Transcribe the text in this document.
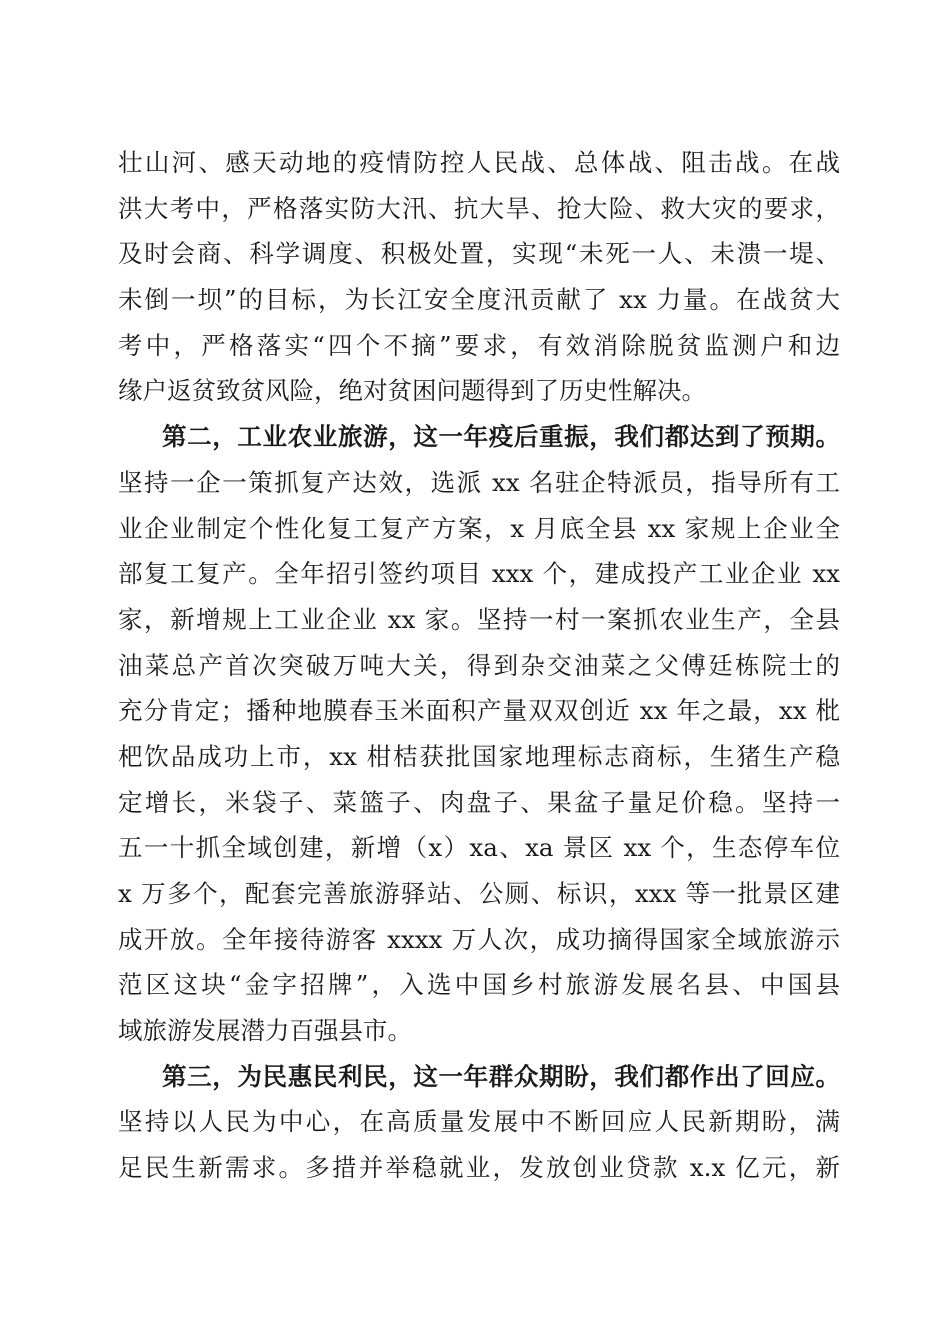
壮山河、感天动地的疫情防控人民战、总体战、阻击战。在战
洪大考中，严格落实防大汛、抗大旱、抢大险、救大灾的要求，
及时会商、科学调度、积极处置，实现“未死一人、未溃一堤、
未倒一坝”的目标，为长江安全度汛贡献了 xx 力量。在战贫大
考中，严格落实“四个不摘”要求，有效消除脱贫监测户和边
缘户返贫致贫风险，绝对贫困问题得到了历史性解决。
第二，工业农业旅游，这一年疫后重振，我们都达到了预期。
坚持一企一策抓复产达效，选派 xx 名驻企特派员，指导所有工
业企业制定个性化复工复产方案，x 月底全县 xx 家规上企业全
部复工复产。全年招引签约项目 xxx 个，建成投产工业企业 xx
家，新增规上工业企业 xx 家。坚持一村一案抓农业生产，全县
油菜总产首次突破万吨大关，得到杂交油菜之父傅廷栋院士的
充分肯定；播种地膜春玉米面积产量双双创近 xx 年之最，xx 枇
杷饮品成功上市，xx 柑桔获批国家地理标志商标，生猪生产稳
定增长，米袋子、菜篮子、肉盘子、果盆子量足价稳。坚持一
五一十抓全域创建，新增（x）xa、xa 景区 xx 个，生态停车位
x 万多个，配套完善旅游驿站、公厕、标识，xxx 等一批景区建
成开放。全年接待游客 xxxx 万人次，成功摘得国家全域旅游示
范区这块“金字招牌”，入选中国乡村旅游发展名县、中国县
域旅游发展潜力百强县市。
第三，为民惠民利民，这一年群众期盼，我们都作出了回应。
坚持以人民为中心，在高质量发展中不断回应人民新期盼，满
足民生新需求。多措并举稳就业，发放创业贷款 x.x 亿元，新
